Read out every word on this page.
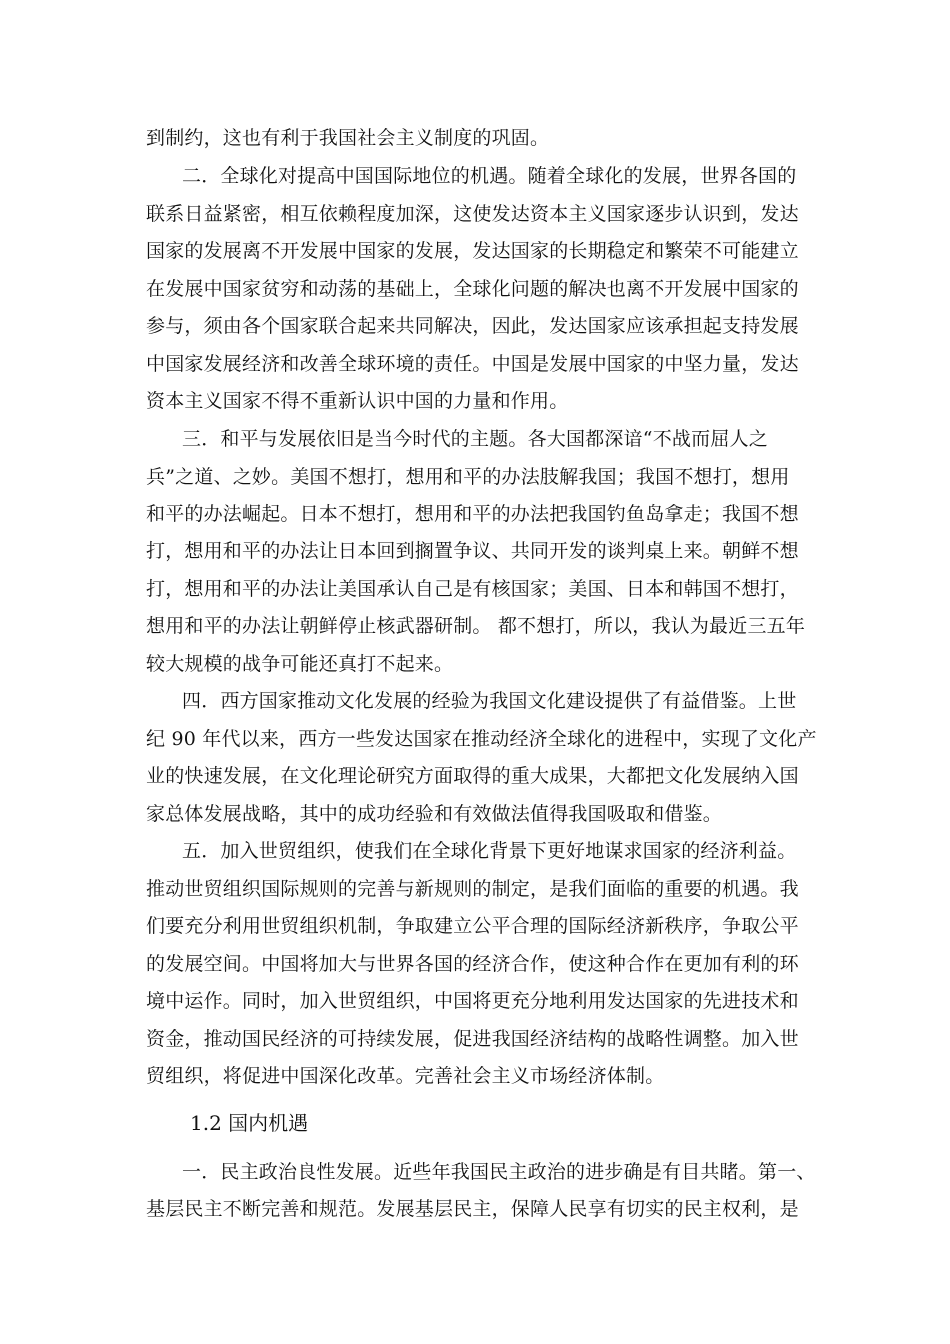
到制约，这也有利于我国社会主义制度的巩固。
二．全球化对提高中国国际地位的机遇。随着全球化的发展，世界各国的
联系日益紧密，相互依赖程度加深，这使发达资本主义国家逐步认识到，发达
国家的发展离不开发展中国家的发展，发达国家的长期稳定和繁荣不可能建立
在发展中国家贫穷和动荡的基础上，全球化问题的解决也离不开发展中国家的
参与，须由各个国家联合起来共同解决，因此，发达国家应该承担起支持发展
中国家发展经济和改善全球环境的责任。中国是发展中国家的中坚力量，发达
资本主义国家不得不重新认识中国的力量和作用。
三．和平与发展依旧是当今时代的主题。各大国都深谙“不战而屈人之
兵”之道、之妙。美国不想打，想用和平的办法肢解我国；我国不想打，想用
和平的办法崛起。日本不想打，想用和平的办法把我国钓鱼岛拿走；我国不想
打，想用和平的办法让日本回到搁置争议、共同开发的谈判桌上来。朝鲜不想
打，想用和平的办法让美国承认自己是有核国家；美国、日本和韩国不想打，
想用和平的办法让朝鲜停止核武器研制。 都不想打，所以，我认为最近三五年
较大规模的战争可能还真打不起来。
四．西方国家推动文化发展的经验为我国文化建设提供了有益借鉴。上世
纪 90 年代以来，西方一些发达国家在推动经济全球化的进程中，实现了文化产
业的快速发展，在文化理论研究方面取得的重大成果，大都把文化发展纳入国
家总体发展战略，其中的成功经验和有效做法值得我国吸取和借鉴。
五．加入世贸组织，使我们在全球化背景下更好地谋求国家的经济利益。
推动世贸组织国际规则的完善与新规则的制定，是我们面临的重要的机遇。我
们要充分利用世贸组织机制，争取建立公平合理的国际经济新秩序，争取公平
的发展空间。中国将加大与世界各国的经济合作，使这种合作在更加有利的环
境中运作。同时，加入世贸组织，中国将更充分地利用发达国家的先进技术和
资金，推动国民经济的可持续发展，促进我国经济结构的战略性调整。加入世
贸组织，将促进中国深化改革。完善社会主义市场经济体制。
1.2 国内机遇
一．民主政治良性发展。近些年我国民主政治的进步确是有目共睹。第一、
基层民主不断完善和规范。发展基层民主，保障人民享有切实的民主权利，是
